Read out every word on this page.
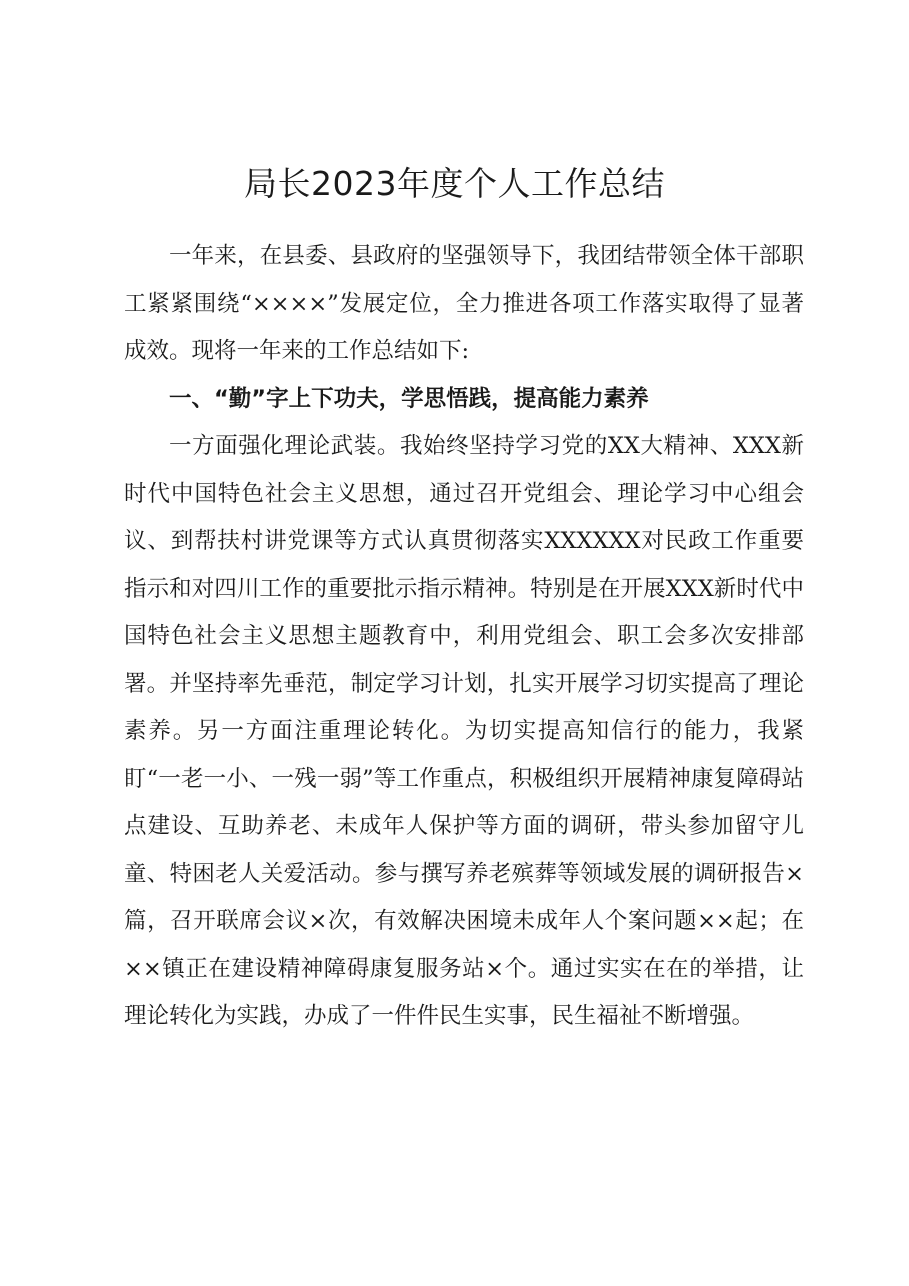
局长2023年度个人工作总结

一年来，在县委、县政府的坚强领导下，我团结带领全体干部职工紧紧围绕“××××”发展定位，全力推进各项工作落实取得了显著成效。现将一年来的工作总结如下:

一、“勤”字上下功夫，学思悟践，提高能力素养

一方面强化理论武装。我始终坚持学习党的XX大精神、XXX新时代中国特色社会主义思想，通过召开党组会、理论学习中心组会议、到帮扶村讲党课等方式认真贯彻落实XXXXXX对民政工作重要指示和对四川工作的重要批示指示精神。特别是在开展XXX新时代中国特色社会主义思想主题教育中，利用党组会、职工会多次安排部署。并坚持率先垂范，制定学习计划，扎实开展学习切实提高了理论素养。另一方面注重理论转化。为切实提高知信行的能力，我紧盯“一老一小、一残一弱”等工作重点，积极组织开展精神康复障碍站点建设、互助养老、未成年人保护等方面的调研，带头参加留守儿童、特困老人关爱活动。参与撰写养老殡葬等领域发展的调研报告×篇，召开联席会议×次，有效解决困境未成年人个案问题××起；在××镇正在建设精神障碍康复服务站×个。通过实实在在的举措，让理论转化为实践，办成了一件件民生实事，民生福祉不断增强。
